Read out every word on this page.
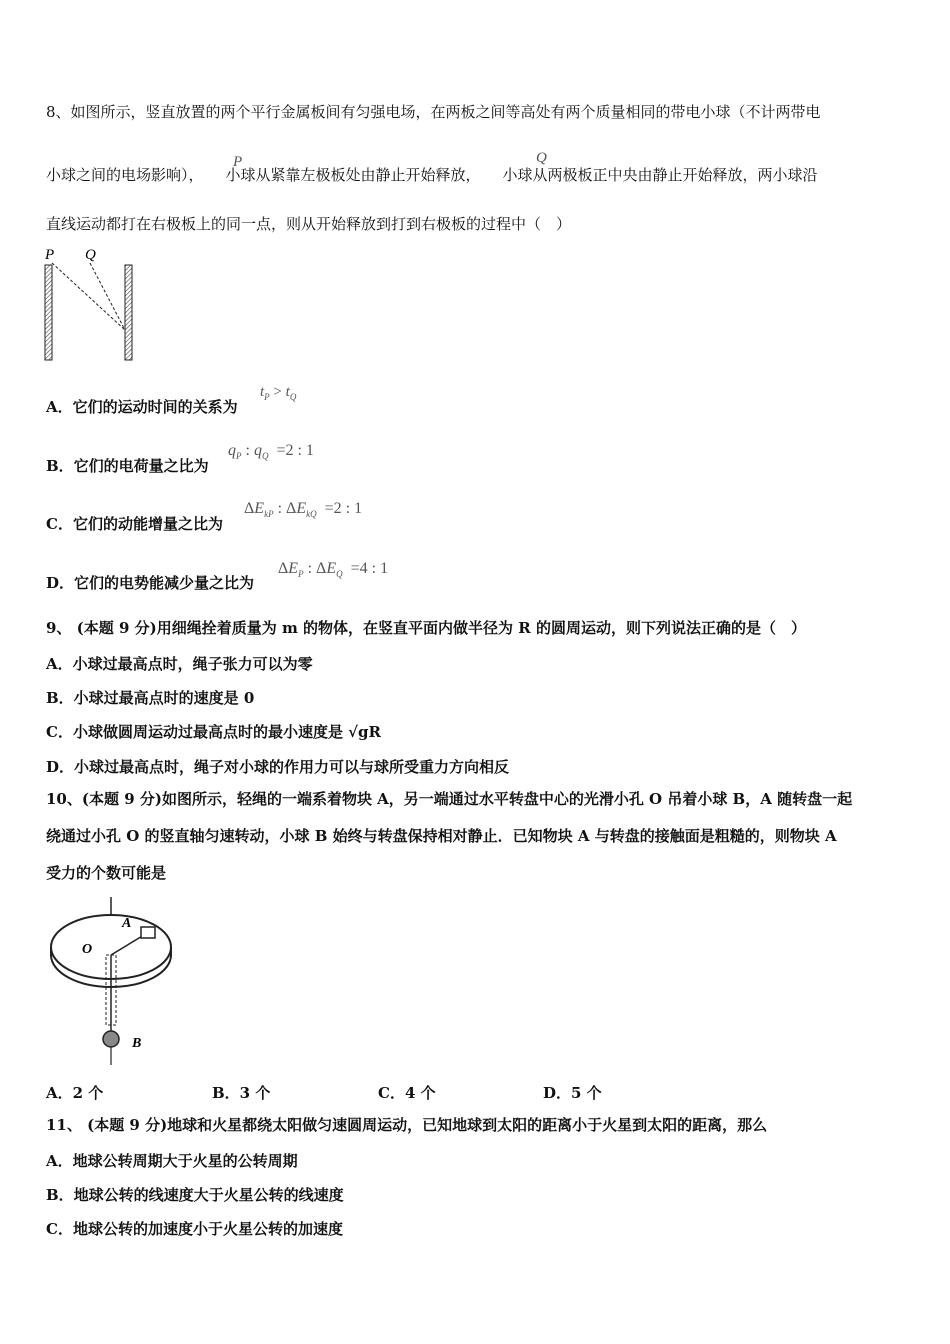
8、如图所示，竖直放置的两个平行金属板间有匀强电场，在两板之间等高处有两个质量相同的带电小球（不计两带电
小球之间的电场影响）， 小球从紧靠左极板处由静止开始释放， 小球从两极板正中央由静止开始释放，两小球沿
P	Q
直线运动都打在右极板上的同一点，则从开始释放到打到右极板的过程中（　）
P Q
A．它们的运动时间的关系为
$t_P > t_Q$
B．它们的电荷量之比为
$q_P$ : $q_Q =2$ : 1
C．它们的动能增量之比为
$\Delta E_{kP}$ : $\Delta E_{kQ} =2$ : 1
D．它们的电势能减少量之比为
$\Delta E_P$ : $\Delta E_Q =4$ : 1
9、 (本题 9 分)用细绳拴着质量为 m 的物体，在竖直平面内做半径为 R 的圆周运动，则下列说法正确的是（　）
A．小球过最高点时，绳子张力可以为零
B．小球过最高点时的速度是 0
C．小球做圆周运动过最高点时的最小速度是 √gR
D．小球过最高点时，绳子对小球的作用力可以与球所受重力方向相反
10、(本题 9 分)如图所示，轻绳的一端系着物块 A，另一端通过水平转盘中心的光滑小孔 O 吊着小球 B，A 随转盘一起
绕通过小孔 O 的竖直轴匀速转动，小球 B 始终与转盘保持相对静止．已知物块 A 与转盘的接触面是粗糙的，则物块 A
受力的个数可能是
A
O
B
A．2 个	B．3 个	C．4 个	D．5 个
11、 (本题 9 分)地球和火星都绕太阳做匀速圆周运动，已知地球到太阳的距离小于火星到太阳的距离，那么
A．地球公转周期大于火星的公转周期
B．地球公转的线速度大于火星公转的线速度
C．地球公转的加速度小于火星公转的加速度
